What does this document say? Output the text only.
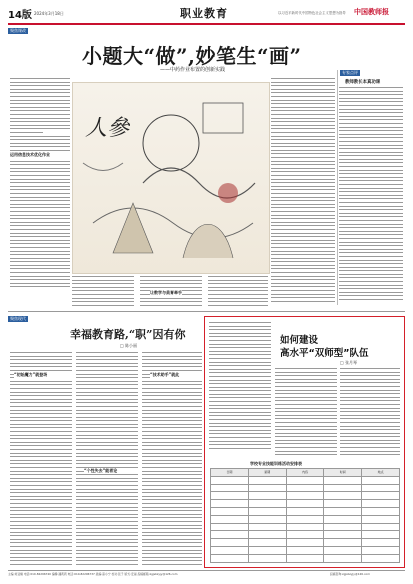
14版 2024年3月18日	职业教育	以习近平新时代中国特色社会主义思想为指导 中国教师报
聚焦课改
小题大“做”,妙笔生“画”
——中药作业布置的创新实践
运用信息技术优化作业
人參
专家点评
教师教长本真功课
让数学与美育牵手
聚焦现代
幸福教育路,“职”因有你
□ 陈小丽
“初始魔力”就登场
“个性失去”能者论
“技术助手”就此
如何建设
高水平“双师型”队伍
□ 张月琴
学校专业技能训练活动安排表
日期	星期	内容	时间	地点

主编:刘亚楠 电话:010-82296740 编辑:潘莉莉 电话:010-82296737 美编:高小宁 校对:张子 版式:安丽 投稿邮箱:zgjsbzyjy@126.com	投稿咨询:zgjsbzyjy@126.com
